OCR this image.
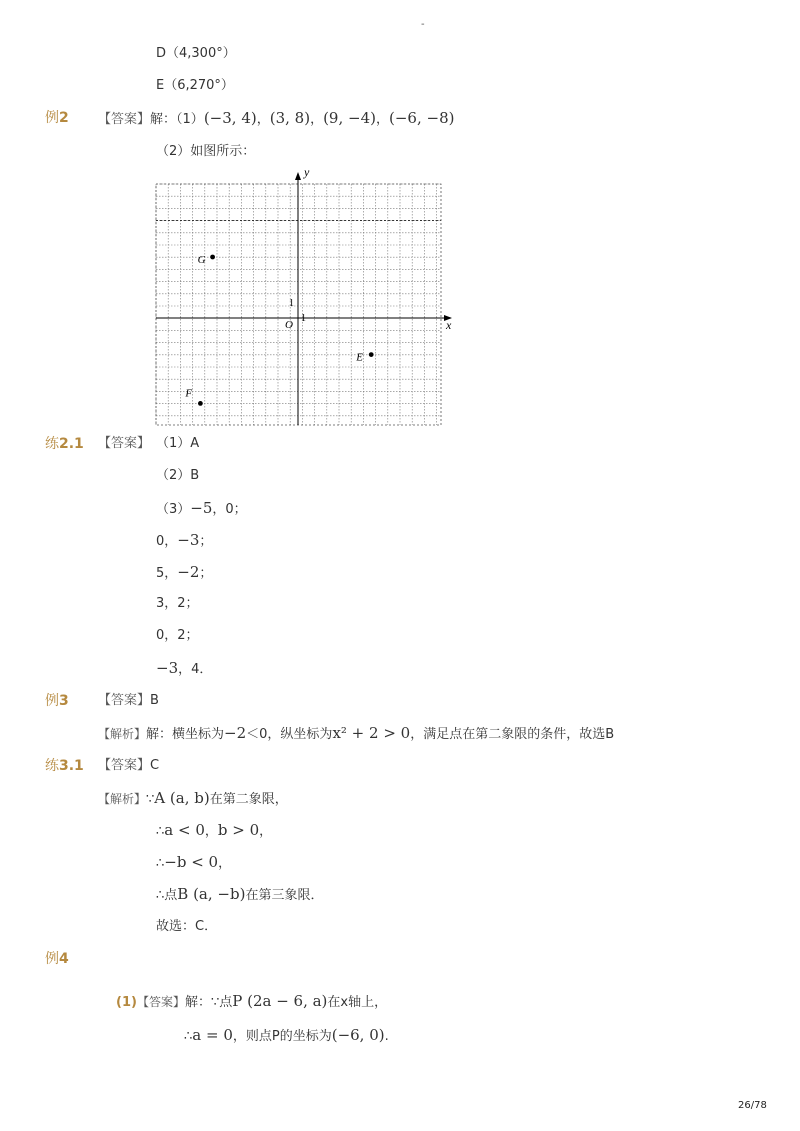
-
D（4,300°）
E（6,270°）
例2 【答案】解：（1）(−3, 4)，(3, 8)，(9, −4)，(−6, −8)
（2）如图所示：
x
y
O
1
1
G
E
F
练2.1 【答案】 （1）A
（2）B
（3）−5，0；
0，−3；
5，−2；
3，2；
0，2；
−3，4．
例3 【答案】B
【解析】解：横坐标为−2＜0，纵坐标为x² + 2 > 0，满足点在第二象限的条件，故选B
练3.1 【答案】C
【解析】∵A (a, b)在第二象限，
∴a < 0，b > 0，
∴−b < 0，
∴点B (a, −b)在第三象限．
故选：C．
例4
(1)【答案】解：∵点P (2a − 6, a)在x轴上，
∴a = 0，则点P的坐标为(−6, 0).
26/78
